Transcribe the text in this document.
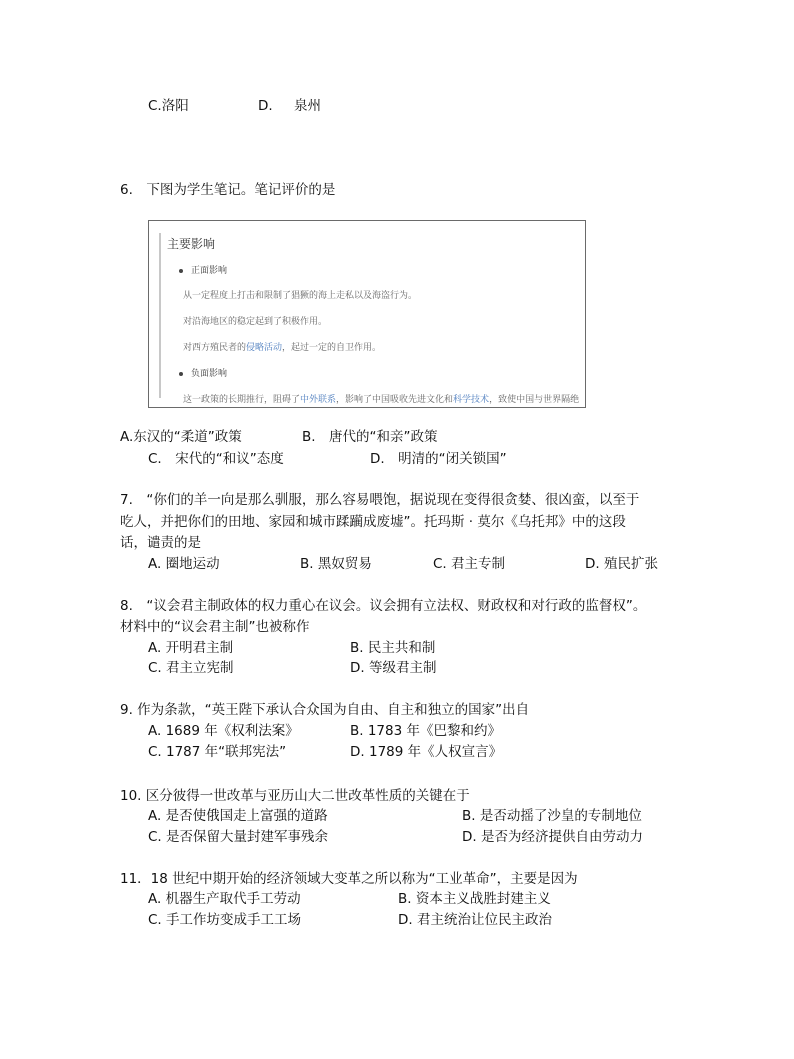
C.洛阳	D. 泉州
6.　下图为学生笔记。笔记评价的是
主要影响
正面影响
从一定程度上打击和限制了猖獗的海上走私以及海盗行为。
对沿海地区的稳定起到了积极作用。
对西方殖民者的侵略活动，起过一定的自卫作用。
负面影响
这一政策的长期推行，阻碍了中外联系，影响了中国吸收先进文化和科学技术，致使中国与世界隔绝
A.东汉的“柔道”政策	B.　唐代的“和亲”政策
C.　宋代的“和议”态度	D.　明清的“闭关锁国”
7.　“你们的羊一向是那么驯服，那么容易喂饱，据说现在变得很贪婪、很凶蛮，以至于
吃人，并把你们的田地、家园和城市蹂躏成废墟”。托玛斯 · 莫尔《乌托邦》中的这段
话，谴责的是
A. 圈地运动	B. 黑奴贸易	C. 君主专制	D. 殖民扩张
8.　“议会君主制政体的权力重心在议会。议会拥有立法权、财政权和对行政的监督权”。
材料中的“议会君主制”也被称作
A. 开明君主制	B. 民主共和制
C. 君主立宪制	D. 等级君主制
9. 作为条款，“英王陛下承认合众国为自由、自主和独立的国家”出自
A. 1689 年《权利法案》	B. 1783 年《巴黎和约》
C. 1787 年“联邦宪法”	D. 1789 年《人权宣言》
10. 区分彼得一世改革与亚历山大二世改革性质的关键在于
A. 是否使俄国走上富强的道路	B. 是否动摇了沙皇的专制地位
C. 是否保留大量封建军事残余	D. 是否为经济提供自由劳动力
11．18 世纪中期开始的经济领域大变革之所以称为“工业革命”，主要是因为
A. 机器生产取代手工劳动	B. 资本主义战胜封建主义
C. 手工作坊变成手工工场	D. 君主统治让位民主政治
